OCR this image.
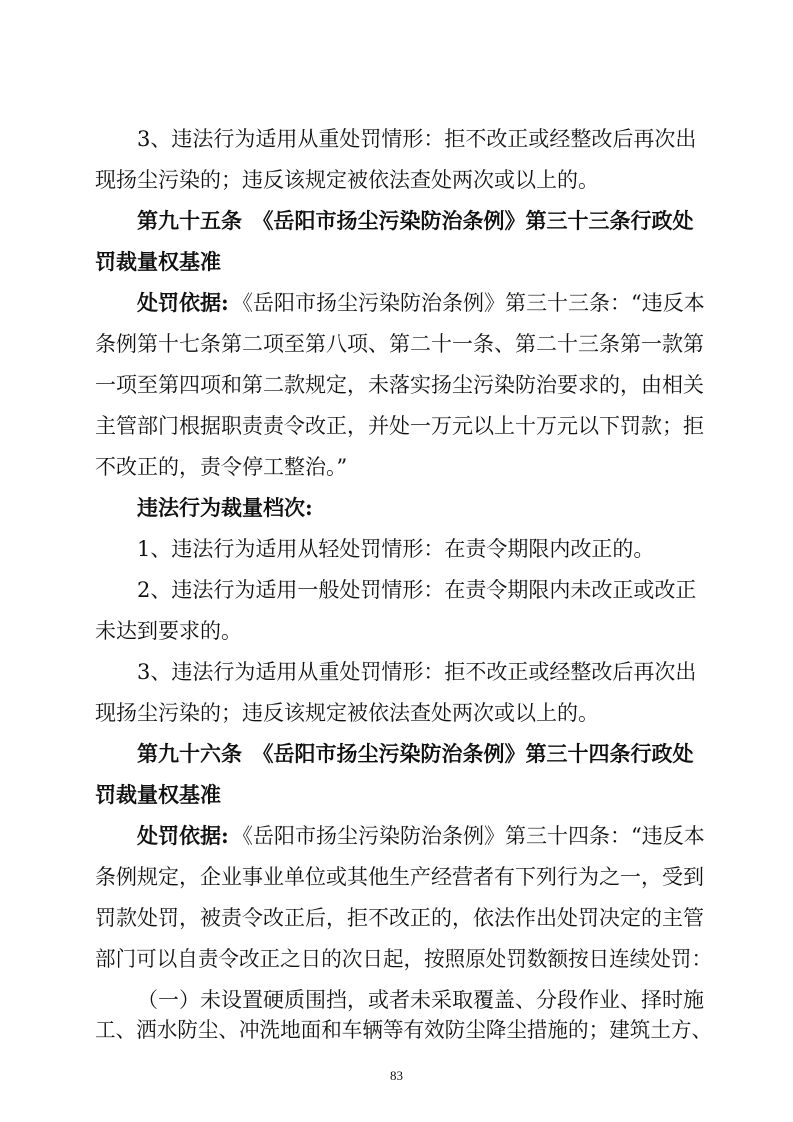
3、违法行为适用从重处罚情形：拒不改正或经整改后再次出
现扬尘污染的；违反该规定被依法查处两次或以上的。
第九十五条　《岳阳市扬尘污染防治条例》第三十三条行政处
罚裁量权基准
处罚依据: 《岳阳市扬尘污染防治条例》第三十三条：“违反本
条例第十七条第二项至第八项、第二十一条、第二十三条第一款第
一项至第四项和第二款规定，未落实扬尘污染防治要求的，由相关
主管部门根据职责责令改正，并处一万元以上十万元以下罚款；拒
不改正的，责令停工整治。”
违法行为裁量档次:
1、违法行为适用从轻处罚情形：在责令期限内改正的。
2、违法行为适用一般处罚情形：在责令期限内未改正或改正
未达到要求的。
3、违法行为适用从重处罚情形：拒不改正或经整改后再次出
现扬尘污染的；违反该规定被依法查处两次或以上的。
第九十六条　《岳阳市扬尘污染防治条例》第三十四条行政处
罚裁量权基准
处罚依据: 《岳阳市扬尘污染防治条例》第三十四条：“违反本
条例规定，企业事业单位或其他生产经营者有下列行为之一，受到
罚款处罚，被责令改正后，拒不改正的，依法作出处罚决定的主管
部门可以自责令改正之日的次日起，按照原处罚数额按日连续处罚：
（一）未设置硬质围挡，或者未采取覆盖、分段作业、择时施
工、洒水防尘、冲洗地面和车辆等有效防尘降尘措施的；建筑土方、
83
